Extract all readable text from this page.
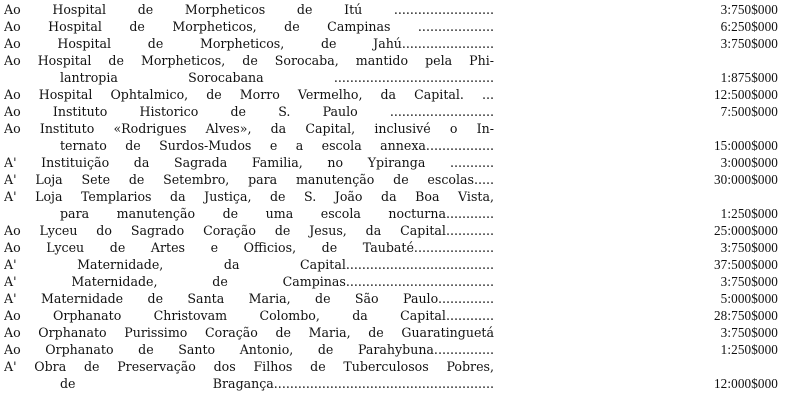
Ao Hospital de Morpheticos de Itú .........................	3:750$000
Ao Hospital de Morpheticos, de Campinas ...................	6:250$000
Ao Hospital de Morpheticos, de Jahú.......................	3:750$000
Ao Hospital de Morpheticos, de Sorocaba, mantido pela Phi-
lantropia Sorocabana ........................................	1:875$000
Ao Hospital Ophtalmico, de Morro Vermelho, da Capital. ...	12:500$000
Ao Instituto Historico de S. Paulo ..........................	7:500$000
Ao Instituto «Rodrigues Alves», da Capital, inclusivé o In-
ternato de Surdos-Mudos e a escola annexa.................	15:000$000
A' Instituição da Sagrada Familia, no Ypiranga ...........	3:000$000
A' Loja Sete de Setembro, para manutenção de escolas.....	30:000$000
A' Loja Templarios da Justiça, de S. João da Boa Vista,
para manutenção de uma escola nocturna............	1:250$000
Ao Lyceu do Sagrado Coração de Jesus, da Capital............	25:000$000
Ao Lyceu de Artes e Officios, de Taubaté....................	3:750$000
A' Maternidade, da Capital.....................................	37:500$000
A' Maternidade, de Campinas.....................................	3:750$000
A' Maternidade de Santa Maria, de São Paulo..............	5:000$000
Ao Orphanato Christovam Colombo, da Capital............	28:750$000
Ao Orphanato Purissimo Coração de Maria, de Guaratinguetá	3:750$000
Ao Orphanato de Santo Antonio, de Parahybuna...............	1:250$000
A' Obra de Preservação dos Filhos de Tuberculosos Pobres,
de Bragança.......................................................	12:000$000
